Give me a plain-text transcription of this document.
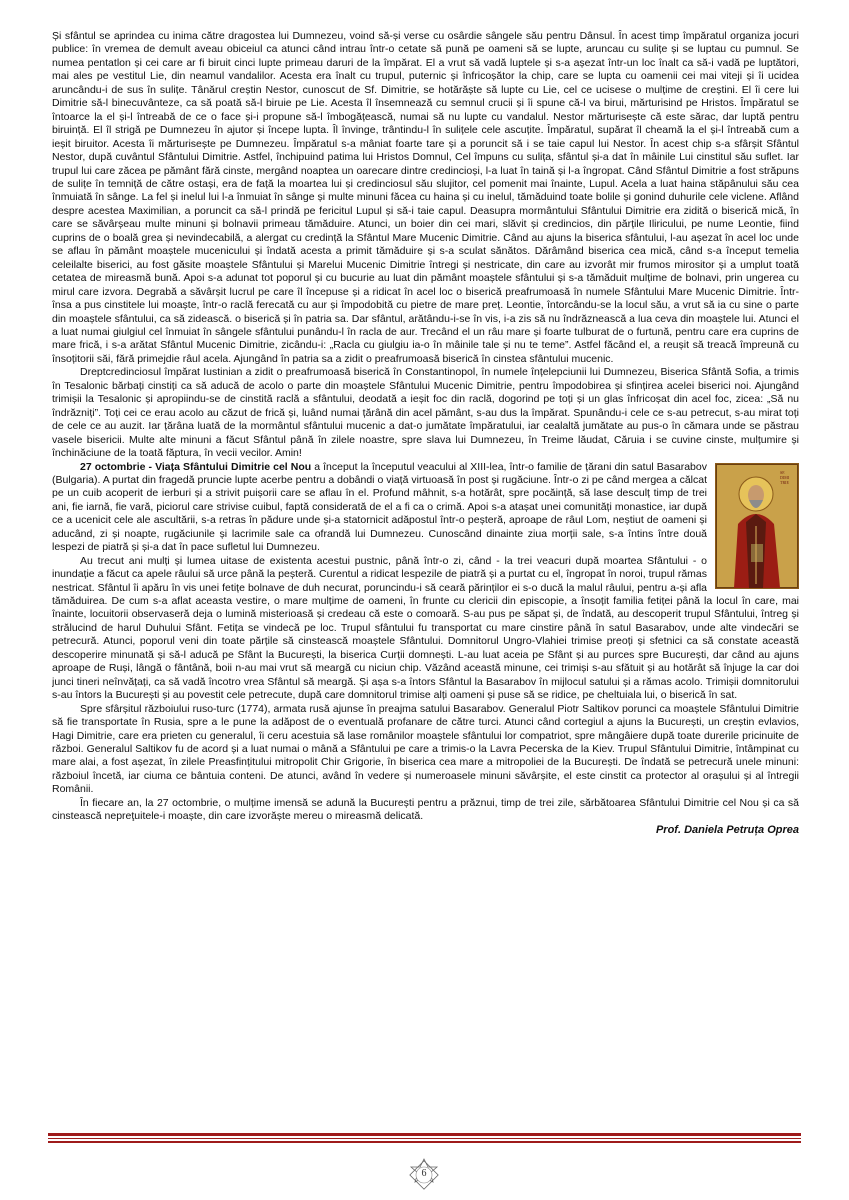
Și sfântul se aprindea cu inima către dragostea lui Dumnezeu, voind să-și verse cu osârdie sângele său pentru Dânsul. În acest timp împăratul organiza jocuri publice: în vremea de demult aveau obiceiul ca atunci când intrau într-o cetate să pună pe oameni să se lupte, aruncau cu sulițe și se luptau cu pumnul. Se numea pentatlon și cei care ar fi biruit cinci lupte primeau daruri de la împărat. El a vrut să vadă luptele și s-a așezat într-un loc înalt ca să-i vadă pe luptători, mai ales pe vestitul Lie, din neamul vandalilor. Acesta era înalt cu trupul, puternic și înfricoșător la chip, care se lupta cu oamenii cei mai viteji și îi ucidea aruncându-i de sus în sulițe. Tânărul creștin Nestor, cunoscut de Sf. Dimitrie, se hotărăște să lupte cu Lie, cel ce ucisese o mulțime de creștini. El îi cere lui Dimitrie să-l binecuvânteze, ca să poată să-l biruie pe Lie. Acesta îl însemnează cu semnul crucii și îi spune că-l va birui, mărturisind pe Hristos. Împăratul se întoarce la el și-l întreabă de ce o face și-i propune să-l îmbogățească, numai să nu lupte cu vandalul. Nestor mărturisește că este sărac, dar luptă pentru biruință. El îl strigă pe Dumnezeu în ajutor și începe lupta. Îl învinge, trântindu-l în sulițele cele ascuțite. Împăratul, supărat îl cheamă la el și-l întreabă cum a ieșit biruitor. Acesta îi mărturisește pe Dumnezeu. Împăratul s-a mâniat foarte tare și a poruncit să i se taie capul lui Nestor. În acest chip s-a sfârșit Sfântul Nestor, după cuvântul Sfântului Dimitrie. Astfel, închipuind patima lui Hristos Domnul, Cel împuns cu sulița, sfântul și-a dat în mâinile Lui cinstitul său suflet. Iar trupul lui care zăcea pe pământ fără cinste, mergând noaptea un oarecare dintre credincioși, l-a luat în taină și l-a îngropat. Când Sfântul Dimitrie a fost străpuns de sulițe în temniță de către ostași, era de față la moartea lui și credinciosul său slujitor, cel pomenit mai înainte, Lupul. Acela a luat haina stăpânului său cea înmuiată în sânge. La fel și inelul lui l-a înmuiat în sânge și multe minuni făcea cu haina și cu inelul, tămăduind toate bolile și gonind duhurile cele viclene. Aflând despre acestea Maximilian, a poruncit ca să-l prindă pe fericitul Lupul și să-i taie capul. Deasupra mormântului Sfântului Dimitrie era zidită o biserică mică, în care se săvârșeau multe minuni și bolnavii primeau tămăduire. Atunci, un boier din cei mari, slăvit și credincios, din părțile Iliricului, pe nume Leontie, fiind cuprins de o boală grea și nevindecabilă, a alergat cu credință la Sfântul Mare Mucenic Dimitrie. Când au ajuns la biserica sfântului, l-au așezat în acel loc unde se aflau în pământ moaștele mucenicului și îndată acesta a primit tămăduire și s-a sculat sănătos. Dărâmând biserica cea mică, când s-a început temelia celeilalte biserici, au fost găsite moaștele Sfântului și Marelui Mucenic Dimitrie întregi și nestricate, din care au izvorât mir frumos mirositor și a umplut toată cetatea de mireasmă bună. Apoi s-a adunat tot poporul și cu bucurie au luat din pământ moaștele sfântului și s-a tămăduit mulțime de bolnavi, prin ungerea cu mirul care izvora. Degrabă a săvârșit lucrul pe care îl începuse și a ridicat în acel loc o biserică preafrumoasă în numele Sfântului Mare Mucenic Dimitrie. Într-însa a pus cinstitele lui moaște, într-o raclă ferecată cu aur și împodobită cu pietre de mare preț. Leontie, întorcându-se la locul său, a vrut să ia cu sine o parte din moaștele sfântului, ca să zidească. o biserică și în patria sa. Dar sfântul, arătându-i-se în vis, i-a zis să nu îndrăznească a lua ceva din moaștele lui. Atunci el a luat numai giulgiul cel înmuiat în sângele sfântului punându-l în racla de aur. Trecând el un râu mare și foarte tulburat de o furtună, pentru care era cuprins de mare frică, i s-a arătat Sfântul Mucenic Dimitrie, zicându-i: „Racla cu giulgiu ia-o în mâinile tale și nu te teme”. Astfel făcând el, a reușit să treacă împreună cu însoțitorii săi, fără primejdie râul acela. Ajungând în patria sa a zidit o preafrumoasă biserică în cinstea sfântului mucenic.

Dreptcredinciosul împărat Iustinian a zidit o preafrumoasă biserică în Constantinopol, în numele înțelepciunii lui Dumnezeu, Biserica Sfântă Sofia, a trimis în Tesalonic bărbați cinstiți ca să aducă de acolo o parte din moaștele Sfântului Mucenic Dimitrie, pentru împodobirea și sfințirea acelei biserici noi. Ajungând trimișii la Tesalonic și apropiindu-se de cinstită raclă a sfântului, deodată a ieșit foc din raclă, dogorind pe toți și un glas înfricoșat din acel foc, zicea: „Să nu îndrăzniți”. Toți cei ce erau acolo au căzut de frică și, luând numai țărână din acel pământ, s-au dus la împărat. Spunându-i cele ce s-au petrecut, s-au mirat toți de cele ce au auzit. Iar țărâna luată de la mormântul sfântului mucenic a dat-o jumătate împăratului, iar cealaltă jumătate au pus-o în cămara unde se păstrau vasele bisericii. Multe alte minuni a făcut Sfântul până în zilele noastre, spre slava lui Dumnezeu, în Treime lăudat, Căruia i se cuvine cinste, mulțumire și închinăciune de la toată făptura, în vecii vecilor. Amin!

SF.
DIMI
TRIE

27 octombrie - Viața Sfântului Dimitrie cel Nou a început la începutul veacului al XIII-lea, într-o familie de țărani din satul Basarabov (Bulgaria). A purtat din fragedă pruncie lupte acerbe pentru a dobândi o viață virtuoasă în post și rugăciune. Într-o zi pe când mergea a călcat pe un cuib acoperit de ierburi și a strivit puișorii care se aflau în el. Profund mâhnit, s-a hotărât, spre pocăință, să lase desculț timp de trei ani, fie iarnă, fie vară, piciorul care strivise cuibul, faptă considerată de el a fi ca o crimă. Apoi s-a atașat unei comunități monastice, iar după ce a ucenicit cele ale ascultării, s-a retras în pădure unde și-a statornicit adăpostul într-o peșteră, aproape de râul Lom, neștiut de oameni și aducând, zi și noapte, rugăciunile și lacrimile sale ca ofrandă lui Dumnezeu. Cunoscând dinainte ziua morții sale, s-a întins între două lespezi de piatră și și-a dat în pace sufletul lui Dumnezeu.

Au trecut ani mulți și lumea uitase de existenta acestui pustnic, până într-o zi, când - la trei veacuri după moartea Sfântului - o inundație a făcut ca apele râului să urce până la peșteră. Curentul a ridicat lespezile de piatră și a purtat cu el, îngropat în noroi, trupul rămas nestricat. Sfântul îi apăru în vis unei fetițe bolnave de duh necurat, poruncindu-i să ceară părinților ei s-o ducă la malul râului, pentru a-și afla tămăduirea. De cum s-a aflat aceasta vestire, o mare mulțime de oameni, în frunte cu clericii din episcopie, a însoțit familia fetiței până la locul în care, mai înainte, locuitorii observaseră deja o lumină misterioasă și credeau că este o comoară. S-au pus pe săpat și, de îndată, au descoperit trupul Sfântului, întreg și strălucind de harul Duhului Sfânt. Fetița se vindecă pe loc. Trupul sfântului fu transportat cu mare cinstire până în satul Basarabov, unde alte vindecări se petrecură. Atunci, poporul veni din toate părțile să cinstească moaștele Sfântului. Domnitorul Ungro-Vlahiei trimise preoți și sfetnici ca să constate această descoperire minunată și să-l aducă pe Sfânt la București, la biserica Curții domnești. L-au luat aceia pe Sfânt și au purces spre București, dar când au ajuns aproape de Ruși, lângă o fântână, boii n-au mai vrut să meargă cu niciun chip. Văzând această minune, cei trimiși s-au sfătuit și au hotărât să înjuge la car doi junci tineri neînvățați, ca să vadă încotro vrea Sfântul să meargă. Și așa s-a întors Sfântul la Basarabov în mijlocul satului și a rămas acolo. Trimișii domnitorului s-au întors la București și au povestit cele petrecute, după care domnitorul trimise alți oameni și puse să se ridice, pe cheltuiala lui, o biserică în sat.

Spre sfârșitul războiului ruso-turc (1774), armata rusă ajunse în preajma satului Basarabov. Generalul Piotr Saltikov porunci ca moaștele Sfântului Dimitrie să fie transportate în Rusia, spre a le pune la adăpost de o eventuală profanare de către turci. Atunci când cortegiul a ajuns la București, un creștin evlavios, Hagi Dimitrie, care era prieten cu generalul, îi ceru acestuia să lase românilor moaștele sfântului lor compatriot, spre mângâiere după toate durerile pricinuite de război. Generalul Saltikov fu de acord și a luat numai o mână a Sfântului pe care a trimis-o la Lavra Pecerska de la Kiev. Trupul Sfântului Dimitrie, întâmpinat cu mare alai, a fost așezat, în zilele Preasfințitului mitropolit Chir Grigorie, în biserica cea mare a mitropoliei de la București. De îndată se petrecură unele minuni: războiul încetă, iar ciuma ce bântuia conteni. De atunci, având în vedere și numeroasele minuni săvârșite, el este cinstit ca protector al orașului și al întregii Românii.

În fiecare an, la 27 octombrie, o mulțime imensă se adună la București pentru a prăznui, timp de trei zile, sărbătoarea Sfântului Dimitrie cel Nou și ca să cinstească nepreţuitele-i moaște, din care izvorăște mereu o mireasmă delicată.

Prof. Daniela Petruța Oprea

6
